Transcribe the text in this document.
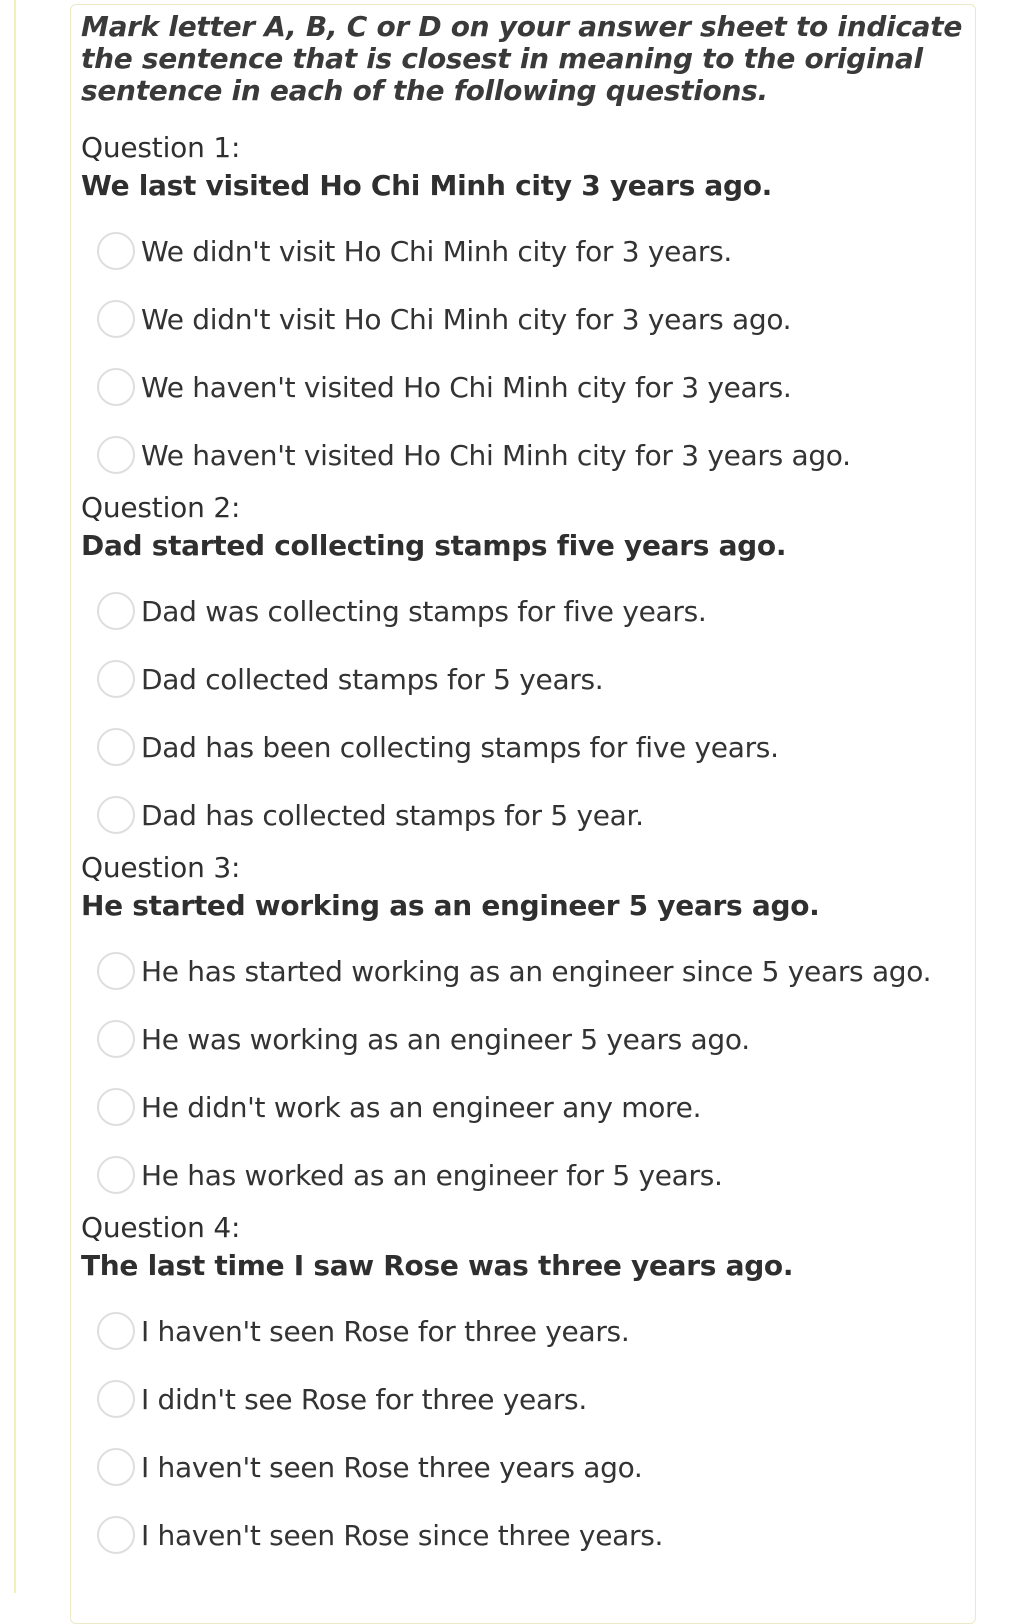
Mark letter A, B, C or D on your answer sheet to indicate the sentence that is closest in meaning to the original sentence in each of the following questions.
Question 1:
We last visited Ho Chi Minh city 3 years ago.
We didn't visit Ho Chi Minh city for 3 years.
We didn't visit Ho Chi Minh city for 3 years ago.
We haven't visited Ho Chi Minh city for 3 years.
We haven't visited Ho Chi Minh city for 3 years ago.
Question 2:
Dad started collecting stamps five years ago.
Dad was collecting stamps for five years.
Dad collected stamps for 5 years.
Dad has been collecting stamps for five years.
Dad has collected stamps for 5 year.
Question 3:
He started working as an engineer 5 years ago.
He has started working as an engineer since 5 years ago.
He was working as an engineer 5 years ago.
He didn't work as an engineer any more.
He has worked as an engineer for 5 years.
Question 4:
The last time I saw Rose was three years ago.
I haven't seen Rose for three years.
I didn't see Rose for three years.
I haven't seen Rose three years ago.
I haven't seen Rose since three years.
